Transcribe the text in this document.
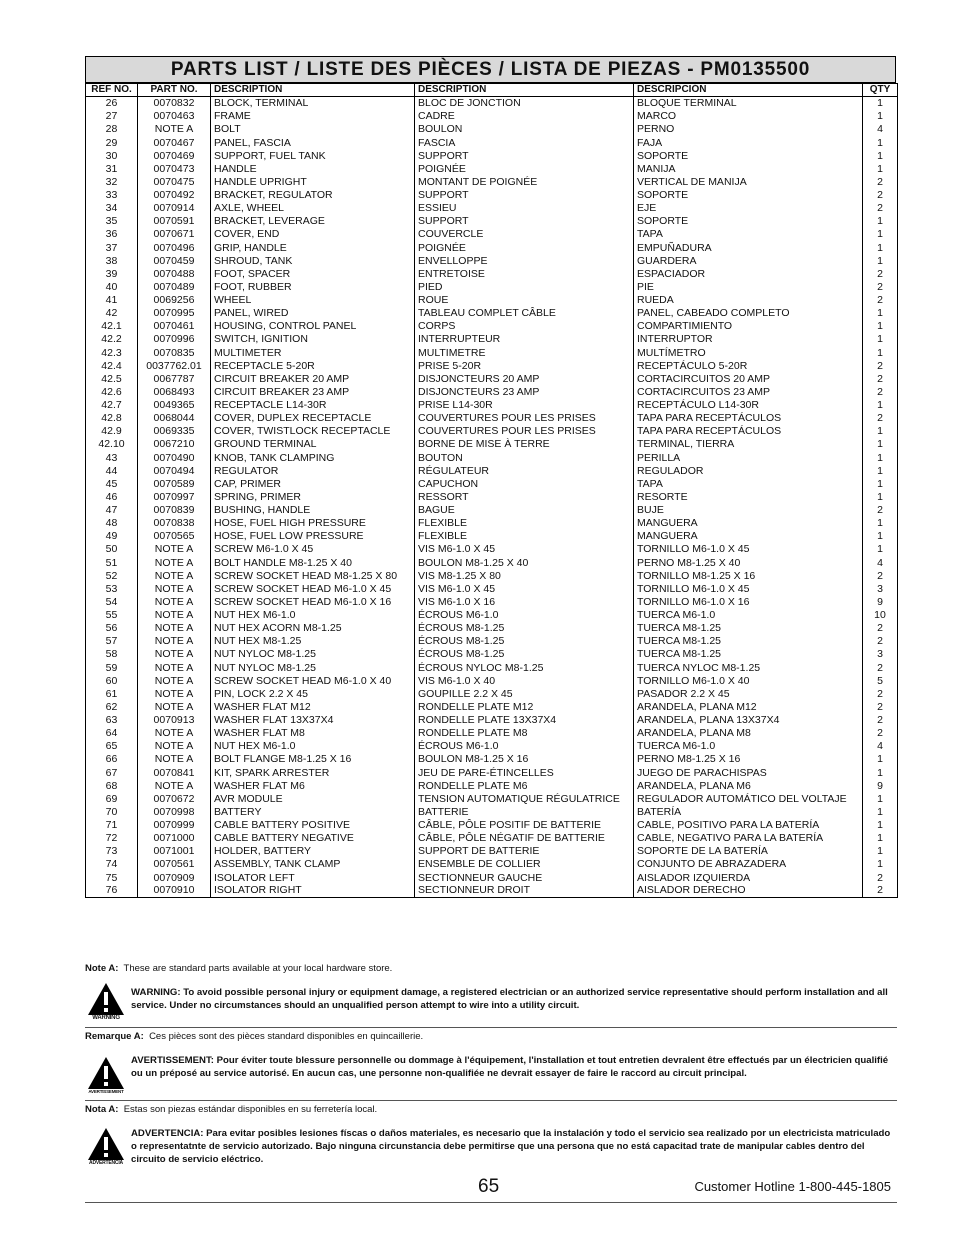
PARTS LIST / LISTE DES PIÈCES / LISTA DE PIEZAS - PM0135500
REF NO.	PART NO.	DESCRIPTION	DESCRIPTION	DESCRIPCIÓN	QTY
26	0070832	BLOCK, TERMINAL	BLOC DE JONCTION	BLOQUE TERMINAL	1
27	0070463	FRAME	CADRE	MARCO	1
28	NOTE A	BOLT	BOULON	PERNO	4
29	0070467	PANEL, FASCIA	FASCIA	FAJA	1
30	0070469	SUPPORT, FUEL TANK	SUPPORT	SOPORTE	1
31	0070473	HANDLE	POIGNÉE	MANIJA	1
32	0070475	HANDLE UPRIGHT	MONTANT DE POIGNÉE	VERTICAL DE MANIJA	2
33	0070492	BRACKET, REGULATOR	SUPPORT	SOPORTE	2
34	0070914	AXLE, WHEEL	ESSIEU	EJE	2
35	0070591	BRACKET, LEVERAGE	SUPPORT	SOPORTE	1
36	0070671	COVER, END	COUVERCLE	TAPA	1
37	0070496	GRIP, HANDLE	POIGNÉE	EMPUÑADURA	1
38	0070459	SHROUD, TANK	ENVELLOPPE	GUARDERA	1
39	0070488	FOOT, SPACER	ENTRETOISE	ESPACIADOR	2
40	0070489	FOOT, RUBBER	PIED	PIE	2
41	0069256	WHEEL	ROUE	RUEDA	2
42	0070995	PANEL, WIRED	TABLEAU COMPLET CÂBLE	PANEL, CABEADO COMPLETO	1
42.1	0070461	HOUSING, CONTROL PANEL	CORPS	COMPARTIMIENTO	1
42.2	0070996	SWITCH, IGNITION	INTERRUPTEUR	INTERRUPTOR	1
42.3	0070835	MULTIMETER	MULTIMETRE	MULTÍMETRO	1
42.4	0037762.01	RECEPTACLE 5-20R	PRISE 5-20R	RECEPTÁCULO 5-20R	2
42.5	0067787	CIRCUIT BREAKER 20 AMP	DISJONCTEURS 20 AMP	CORTACIRCUITOS 20 AMP	2
42.6	0068493	CIRCUIT BREAKER 23 AMP	DISJONCTEURS 23 AMP	CORTACIRCUITOS 23 AMP	2
42.7	0049365	RECEPTACLE L14-30R	PRISE L14-30R	RECEPTÁCULO L14-30R	1
42.8	0068044	COVER, DUPLEX RECEPTACLE	COUVERTURES POUR LES PRISES	TAPA PARA RECEPTÁCULOS	2
42.9	0069335	COVER, TWISTLOCK RECEPTACLE	COUVERTURES POUR LES PRISES	TAPA PARA RECEPTÁCULOS	1
42.10	0067210	GROUND TERMINAL	BORNE DE MISE À TERRE	TERMINAL, TIERRA	1
43	0070490	KNOB, TANK CLAMPING	BOUTON	PERILLA	1
44	0070494	REGULATOR	RÉGULATEUR	REGULADOR	1
45	0070589	CAP, PRIMER	CAPUCHON	TAPA	1
46	0070997	SPRING, PRIMER	RESSORT	RESORTE	1
47	0070839	BUSHING, HANDLE	BAGUE	BUJE	2
48	0070838	HOSE, FUEL HIGH PRESSURE	FLEXIBLE	MANGUERA	1
49	0070565	HOSE, FUEL LOW PRESSURE	FLEXIBLE	MANGUERA	1
50	NOTE A	SCREW M6-1.0 X 45	VIS M6-1.0 X 45	TORNILLO M6-1.0 X 45	1
51	NOTE A	BOLT HANDLE M8-1.25 X 40	BOULON M8-1.25 X 40	PERNO M8-1.25 X 40	4
52	NOTE A	SCREW SOCKET HEAD M8-1.25 X 80	VIS M8-1.25 X 80	TORNILLO M8-1.25 X 16	2
53	NOTE A	SCREW SOCKET HEAD M6-1.0 X 45	VIS M6-1.0 X 45	TORNILLO M6-1.0 X 45	3
54	NOTE A	SCREW SOCKET HEAD M6-1.0 X 16	VIS M6-1.0 X 16	TORNILLO M6-1.0 X 16	9
55	NOTE A	NUT HEX M6-1.0	ÉCROUS M6-1.0	TUERCA M6-1.0	10
56	NOTE A	NUT HEX ACORN M8-1.25	ÉCROUS M8-1.25	TUERCA M8-1.25	2
57	NOTE A	NUT HEX M8-1.25	ÉCROUS M8-1.25	TUERCA M8-1.25	2
58	NOTE A	NUT NYLOC M8-1.25	ÉCROUS M8-1.25	TUERCA M8-1.25	3
59	NOTE A	NUT NYLOC M8-1.25	ÉCROUS NYLOC M8-1.25	TUERCA NYLOC M8-1.25	2
60	NOTE A	SCREW SOCKET HEAD M6-1.0 X 40	VIS M6-1.0 X 40	TORNILLO M6-1.0 X 40	5
61	NOTE A	PIN, LOCK 2.2 X 45	GOUPILLE 2.2 X 45	PASADOR 2.2 X 45	2
62	NOTE A	WASHER FLAT M12	RONDELLE PLATE M12	ARANDELA, PLANA M12	2
63	0070913	WASHER FLAT 13X37X4	RONDELLE PLATE 13X37X4	ARANDELA, PLANA 13X37X4	2
64	NOTE A	WASHER FLAT M8	RONDELLE PLATE M8	ARANDELA, PLANA M8	2
65	NOTE A	NUT HEX M6-1.0	ÉCROUS M6-1.0	TUERCA M6-1.0	4
66	NOTE A	BOLT FLANGE M8-1.25 X 16	BOULON M8-1.25 X 16	PERNO M8-1.25 X 16	1
67	0070841	KIT, SPARK ARRESTER	JEU DE PARE-ÉTINCELLES	JUEGO DE PARACHISPAS	1
68	NOTE A	WASHER FLAT M6	RONDELLE PLATE M6	ARANDELA, PLANA M6	9
69	0070672	AVR MODULE	TENSION AUTOMATIQUE RÉGULATRICE	REGULADOR AUTOMÁTICO DEL VOLTAJE	1
70	0070998	BATTERY	BATTERIE	BATERÍA	1
71	0070999	CABLE BATTERY POSITIVE	CÂBLE, PÔLE POSITIF DE BATTERIE	CABLE, POSITIVO PARA LA BATERÍA	1
72	0071000	CABLE BATTERY NEGATIVE	CÂBLE, PÔLE NÉGATIF DE BATTERIE	CABLE, NEGATIVO PARA LA BATERÍA	1
73	0071001	HOLDER, BATTERY	SUPPORT DE BATTERIE	SOPORTE DE LA BATERÍA	1
74	0070561	ASSEMBLY, TANK CLAMP	ENSEMBLE DE COLLIER	CONJUNTO DE ABRAZADERA	1
75	0070909	ISOLATOR LEFT	SECTIONNEUR GAUCHE	AISLADOR IZQUIERDA	2
76	0070910	ISOLATOR RIGHT	SECTIONNEUR DROIT	AISLADOR DERECHO	2
Note A: These are standard parts available at your local hardware store.
WARNING
WARNING: To avoid possible personal injury or equipment damage, a registered electrician or an authorized service representative should perform installation and all service. Under no circumstances should an unqualified person attempt to wire into a utility circuit.
Remarque A: Ces pièces sont des pièces standard disponibles en quincaillerie.
AVERTISSEMENT
AVERTISSEMENT: Pour éviter toute blessure personnelle ou dommage à l'équipement, l'installation et tout entretien devralent être effectués par un électricien qualifié ou un préposé au service autorisé. En aucun cas, une personne non-qualifiée ne devrait essayer de faire le raccord au circuit principal.
Nota A: Estas son piezas estándar disponibles en su ferretería local.
ADVERTENCIA
ADVERTENCIA: Para evitar posibles lesiones físcas o daños materiales, es necesario que la instalación y todo el servicio sea realizado por un electricista matriculado o representatnte de servicio autorizado. Bajo ninguna circunstancia debe permitirse que una persona que no está capacitad trate de manipular cables dentro del circuito de servicio eléctrico.
65	Customer Hotline 1-800-445-1805
